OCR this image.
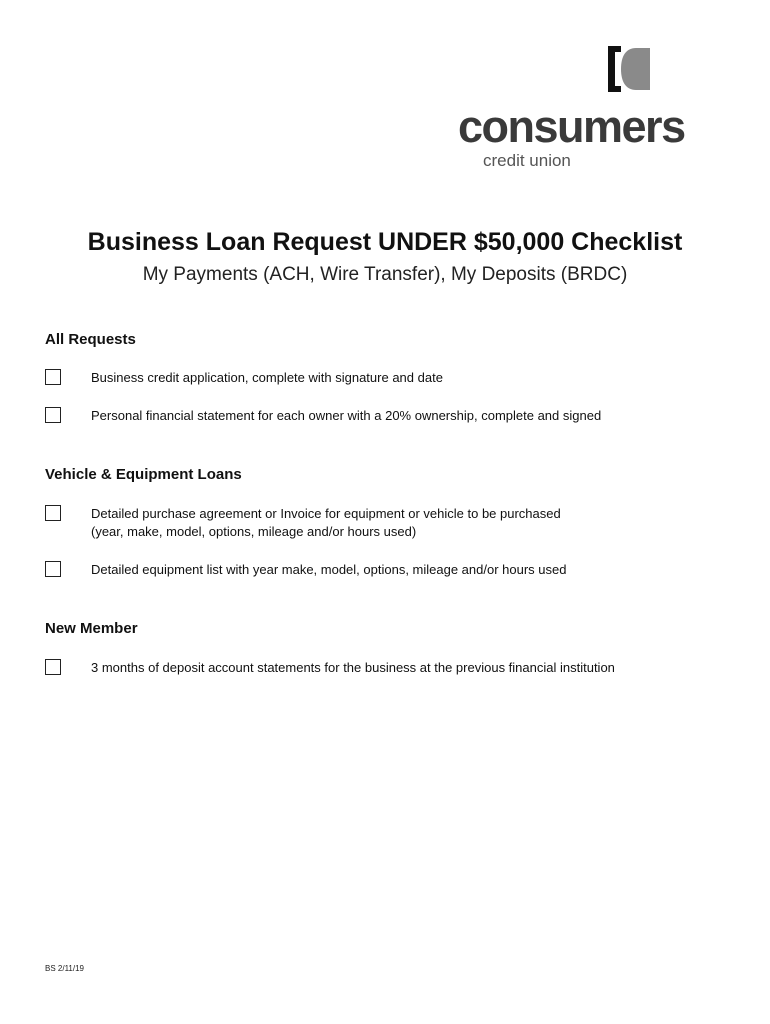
consumers
credit union
Business Loan Request UNDER $50,000 Checklist
My Payments (ACH, Wire Transfer), My Deposits (BRDC)
All Requests
Business credit application, complete with signature and date
Personal financial statement for each owner with a 20% ownership, complete and signed
Vehicle & Equipment Loans
Detailed purchase agreement or Invoice for equipment or vehicle to be purchased
(year, make, model, options, mileage and/or hours used)
Detailed equipment list with year make, model, options, mileage and/or hours used
New Member
3 months of deposit account statements for the business at the previous financial institution
BS 2/11/19
